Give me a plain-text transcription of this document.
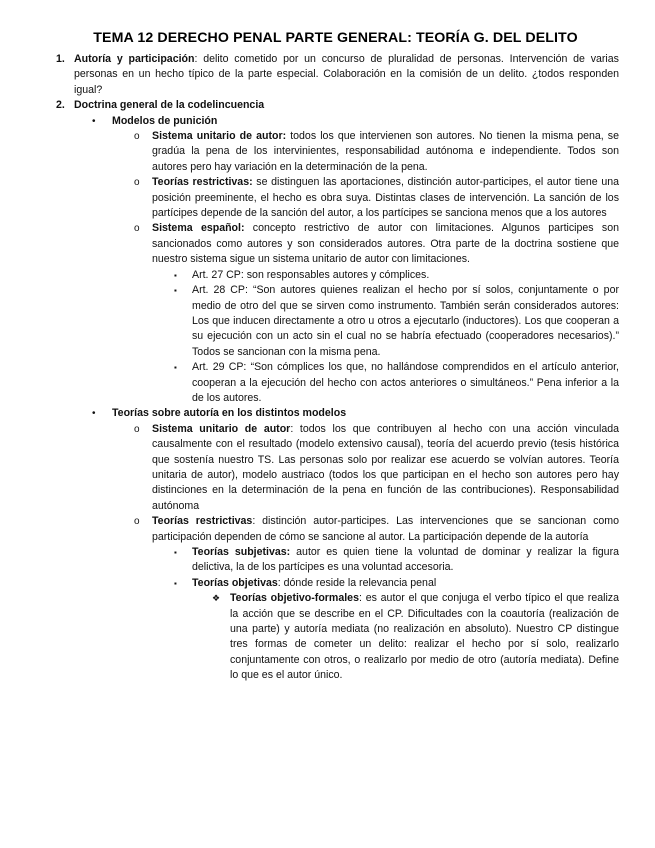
TEMA 12 DERECHO PENAL PARTE GENERAL: TEORÍA G. DEL DELITO
1. Autoría y participación: delito cometido por un concurso de pluralidad de personas. Intervención de varias personas en un hecho típico de la parte especial. Colaboración en la comisión de un delito. ¿todos responden igual?
2. Doctrina general de la codelincuencia
• Modelos de punición
o Sistema unitario de autor: todos los que intervienen son autores. No tienen la misma pena, se gradúa la pena de los intervinientes, responsabilidad autónoma e independiente. Todos son autores pero hay variación en la determinación de la pena.
o Teorías restrictivas: se distinguen las aportaciones, distinción autor-participes, el autor tiene una posición preeminente, el hecho es obra suya. Distintas clases de intervención. La sanción de los partícipes depende de la sanción del autor, a los partícipes se sanciona menos que a los autores
o Sistema español: concepto restrictivo de autor con limitaciones. Algunos participes son sancionados como autores y son considerados autores. Otra parte de la doctrina sostiene que nuestro sistema sigue un sistema unitario de autor con limitaciones.
▪ Art. 27 CP: son responsables autores y cómplices.
▪ Art. 28 CP: “Son autores quienes realizan el hecho por sí solos, conjuntamente o por medio de otro del que se sirven como instrumento. También serán considerados autores: Los que inducen directamente a otro u otros a ejecutarlo (inductores). Los que cooperan a su ejecución con un acto sin el cual no se habría efectuado (cooperadores necesarios).” Todos se sancionan con la misma pena.
▪ Art. 29 CP: “Son cómplices los que, no hallándose comprendidos en el artículo anterior, cooperan a la ejecución del hecho con actos anteriores o simultáneos.” Pena inferior a la de los autores.
• Teorías sobre autoría en los distintos modelos
o Sistema unitario de autor: todos los que contribuyen al hecho con una acción vinculada causalmente con el resultado (modelo extensivo causal), teoría del acuerdo previo (tesis histórica que sostenía nuestro TS. Las personas solo por realizar ese acuerdo se volvían autores. Teoría unitaria de autor), modelo austriaco (todos los que participan en el hecho son autores pero hay distinciones en la determinación de la pena en función de las contribuciones). Responsabilidad autónoma
o Teorías restrictivas: distinción autor-participes. Las intervenciones que se sancionan como participación dependen de cómo se sancione al autor. La participación depende de la autoría
▪ Teorías subjetivas: autor es quien tiene la voluntad de dominar y realizar la figura delictiva, la de los partícipes es una voluntad accesoria.
▪ Teorías objetivas: dónde reside la relevancia penal
❖ Teorías objetivo-formales: es autor el que conjuga el verbo típico el que realiza la acción que se describe en el CP. Dificultades con la coautoría (realización de una parte) y autoría mediata (no realización en absoluto). Nuestro CP distingue tres formas de cometer un delito: realizar el hecho por sí solo, realizarlo conjuntamente con otros, o realizarlo por medio de otro (autoría mediata). Define lo que es el autor único.
